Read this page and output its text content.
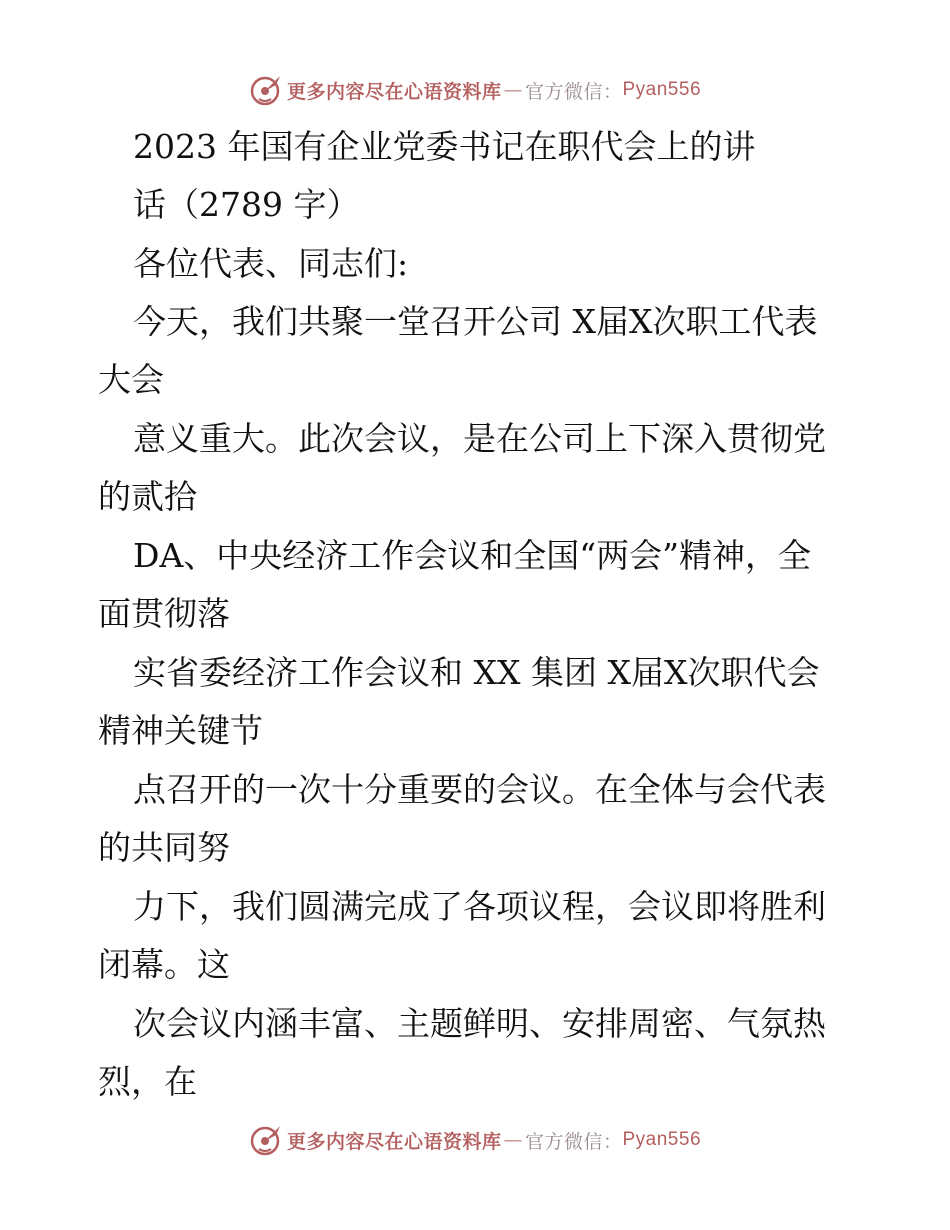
更多内容尽在心语资料库 — 官方微信： Pyan556
2023 年国有企业党委书记在职代会上的讲
话（2789 字）
各位代表、同志们:
今天，我们共聚一堂召开公司 X届X次职工代表
大会
意义重大。此次会议，是在公司上下深入贯彻党
的贰拾
DA、中央经济工作会议和全国“两会”精神，全
面贯彻落
实省委经济工作会议和 XX 集团 X届X次职代会
精神关键节
点召开的一次十分重要的会议。在全体与会代表
的共同努
力下，我们圆满完成了各项议程，会议即将胜利
闭幕。这
次会议内涵丰富、主题鲜明、安排周密、气氛热
烈，在
更多内容尽在心语资料库 — 官方微信： Pyan556
